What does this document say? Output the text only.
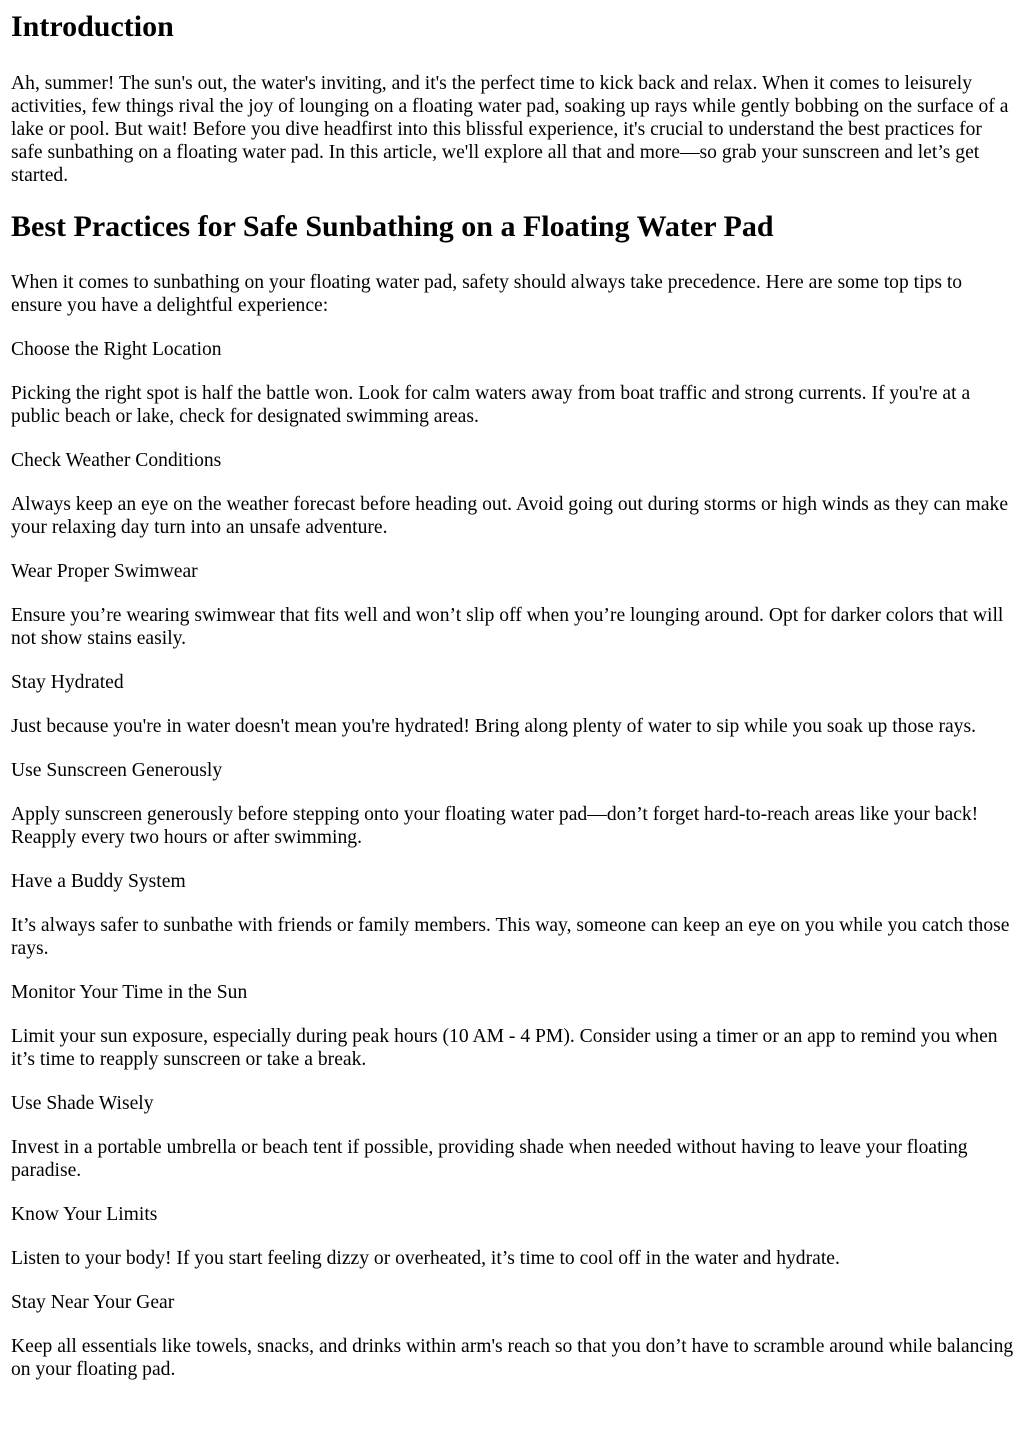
Introduction

Ah, summer! The sun's out, the water's inviting, and it's the perfect time to kick back and relax. When it comes to leisurely activities, few things rival the joy of lounging on a floating water pad, soaking up rays while gently bobbing on the surface of a lake or pool. But wait! Before you dive headfirst into this blissful experience, it's crucial to understand the best practices for safe sunbathing on a floating water pad. In this article, we'll explore all that and more—so grab your sunscreen and let’s get started.

Best Practices for Safe Sunbathing on a Floating Water Pad

When it comes to sunbathing on your floating water pad, safety should always take precedence. Here are some top tips to ensure you have a delightful experience:

Choose the Right Location

Picking the right spot is half the battle won. Look for calm waters away from boat traffic and strong currents. If you're at a public beach or lake, check for designated swimming areas.

Check Weather Conditions

Always keep an eye on the weather forecast before heading out. Avoid going out during storms or high winds as they can make your relaxing day turn into an unsafe adventure.

Wear Proper Swimwear

Ensure you’re wearing swimwear that fits well and won’t slip off when you’re lounging around. Opt for darker colors that will not show stains easily.

Stay Hydrated

Just because you're in water doesn't mean you're hydrated! Bring along plenty of water to sip while you soak up those rays.

Use Sunscreen Generously

Apply sunscreen generously before stepping onto your floating water pad—don’t forget hard-to-reach areas like your back! Reapply every two hours or after swimming.

Have a Buddy System

It’s always safer to sunbathe with friends or family members. This way, someone can keep an eye on you while you catch those rays.

Monitor Your Time in the Sun

Limit your sun exposure, especially during peak hours (10 AM - 4 PM). Consider using a timer or an app to remind you when it’s time to reapply sunscreen or take a break.

Use Shade Wisely

Invest in a portable umbrella or beach tent if possible, providing shade when needed without having to leave your floating paradise.

Know Your Limits

Listen to your body! If you start feeling dizzy or overheated, it’s time to cool off in the water and hydrate.

Stay Near Your Gear

Keep all essentials like towels, snacks, and drinks within arm's reach so that you don’t have to scramble around while balancing on your floating pad.
